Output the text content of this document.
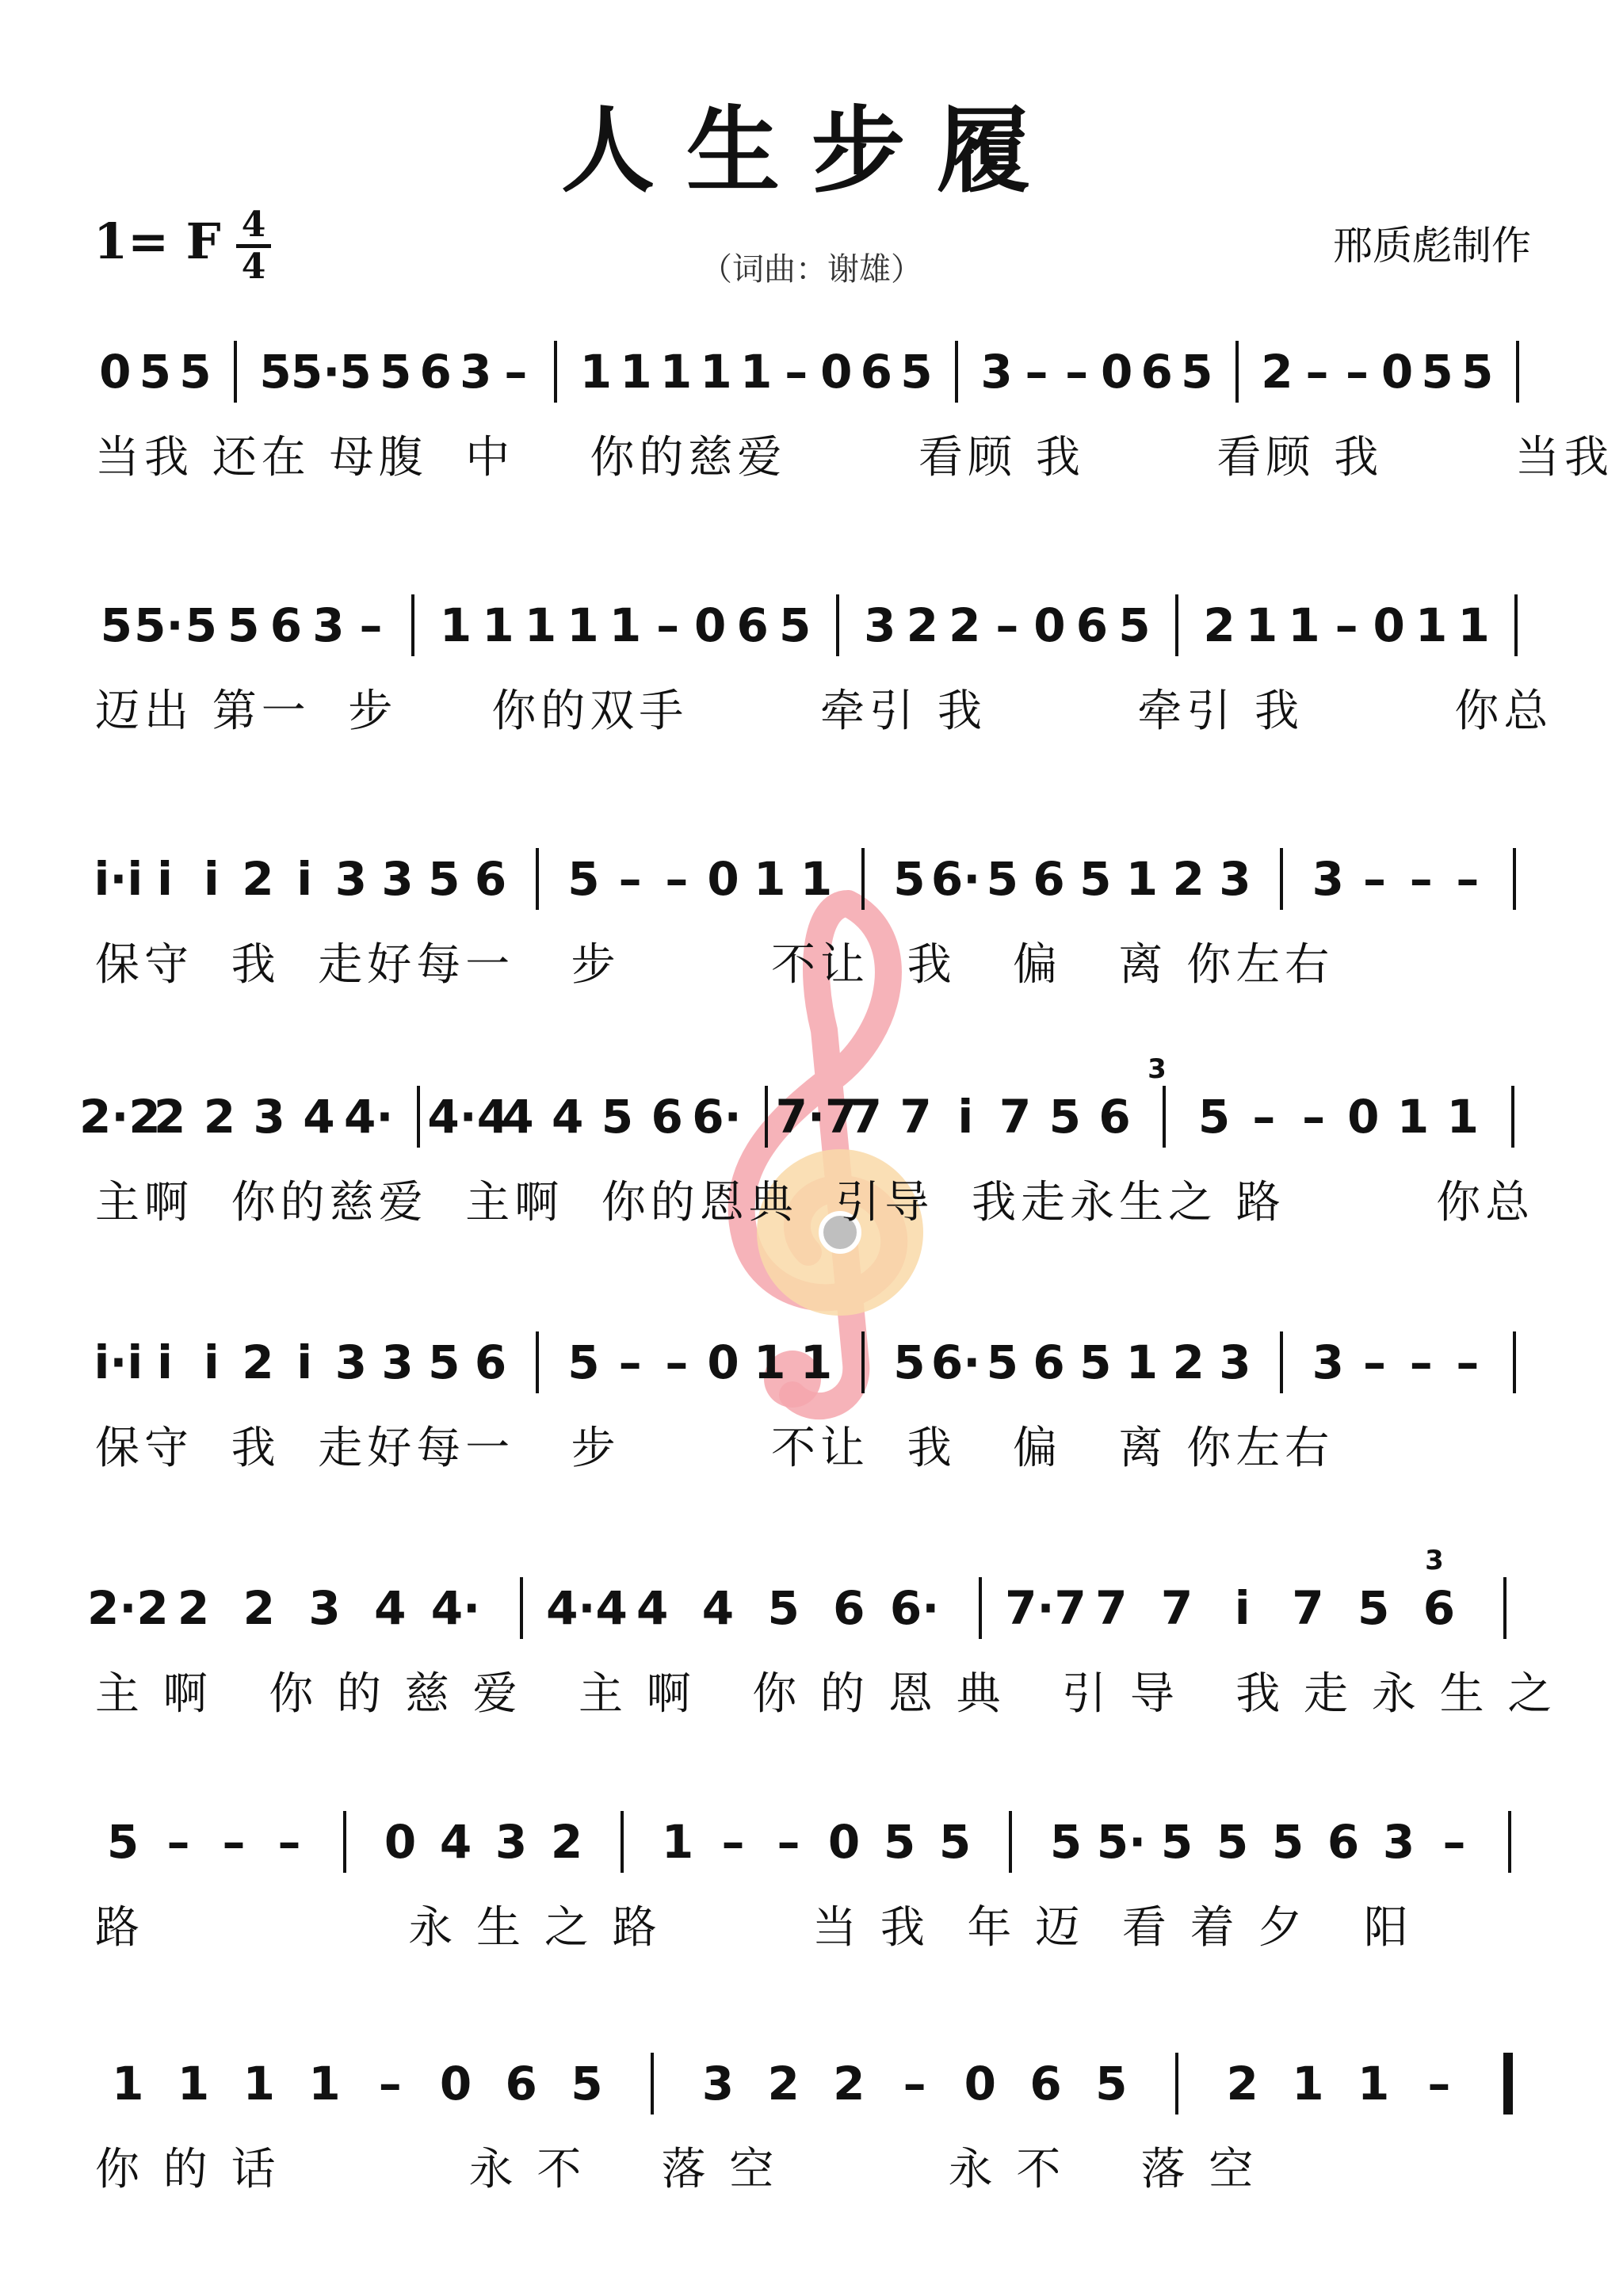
人生步履
1= F 4
4	（词曲：谢雄）
邢质彪制作
0 5 5 5 5· 5 5 6 3 – 1 1 1 1 1 – 0 6 5 3 – – 0 6 5 2 – – 0 5 5
当我 还在 母腹  中    你的慈爱       看顾 我       看顾 我       当我
5 5· 5 5 6 3 – 1 1 1 1 1 – 0 6 5 3 2 2 – 0 6 5 2 1 1 – 0 1 1
迈出 第一  步     你的双手       牵引 我        牵引 我        你总
i·i i i 2 i 3 3 5 6 5 – – 0 1 1 5 6· 5 6 5 1 2 3 3 – – –
保守  我  走好每一   步        不让  我   偏   离 你左右
2·2
2 2 3 4 4· 4·4
4 4 5 6 6· 7·7
7 7 i 7 5 6 5 – – 0 1 1
主啊  你的慈爱  主啊  你的恩典  引导  我走永生之 路        你总
i·i i i 2 i 3 3 5 6 5 – – 0 1 1 5 6· 5 6 5 1 2 3 3 – – –
保守  我  走好每一   步        不让  我   偏   离 你左右
2·2 2 2 3 4 4· 4·4 4 4 5 6 6· 7·7 7 7 i 7 5 6
主 啊   你 的 慈 爱   主 啊   你 的 恩 典   引 导   我 走 永 生 之
5 – – – 0 4 3 2 1 – – 0 5 5 5 5· 5 5 5 6 3 –
路              永 生 之 路        当 我  年 迈  看 着 夕   阳
1 1 1 1 – 0 6 5 3 2 2 – 0 6 5 2 1 1 –
你 的 话          永 不    落 空         永 不    落 空
3
3
